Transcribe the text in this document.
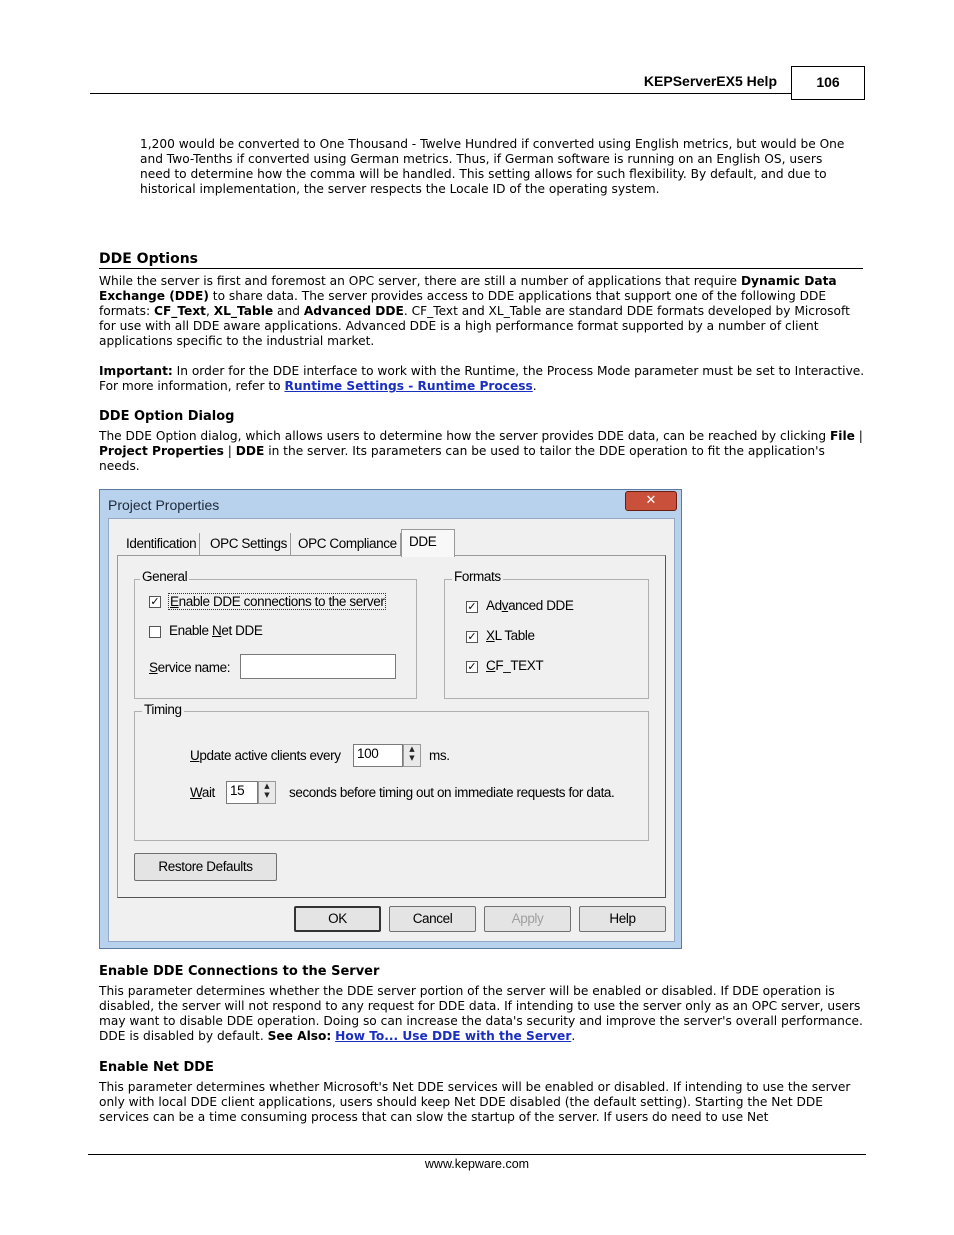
KEPServerEX5 Help	106
1,200 would be converted to One Thousand - Twelve Hundred if converted using English metrics, but would be One and Two-Tenths if converted using German metrics. Thus, if German software is running on an English OS, users need to determine how the comma will be handled. This setting allows for such flexibility. By default, and due to historical implementation, the server respects the Locale ID of the operating system.
DDE Options
While the server is first and foremost an OPC server, there are still a number of applications that require Dynamic Data Exchange (DDE) to share data. The server provides access to DDE applications that support one of the following DDE formats: CF_Text, XL_Table and Advanced DDE. CF_Text and XL_Table are standard DDE formats developed by Microsoft for use with all DDE aware applications. Advanced DDE is a high performance format supported by a number of client applications specific to the industrial market.
Important: In order for the DDE interface to work with the Runtime, the Process Mode parameter must be set to Interactive. For more information, refer to Runtime Settings - Runtime Process.
DDE Option Dialog
The DDE Option dialog, which allows users to determine how the server provides DDE data, can be reached by clicking File | Project Properties | DDE in the server. Its parameters can be used to tailor the DDE operation to fit the application's needs.
Project Properties	✕
Identification OPC Settings OPC Compliance
General
✓ Enable DDE connections to the server
Enable Net DDE
Service name:
Formats
✓ Advanced DDE
✓ XL Table
✓ CF_TEXT
Timing
Update active clients every 100	▲
▼	ms.
Wait 15	▲
▼	seconds before timing out on immediate requests for data.
Restore Defaults
DDE
OK	Cancel	Apply	Help
Enable DDE Connections to the Server
This parameter determines whether the DDE server portion of the server will be enabled or disabled. If DDE operation is disabled, the server will not respond to any request for DDE data. If intending to use the server only as an OPC server, users may want to disable DDE operation. Doing so can increase the data's security and improve the server's overall performance. DDE is disabled by default. See Also: How To... Use DDE with the Server.
Enable Net DDE
This parameter determines whether Microsoft's Net DDE services will be enabled or disabled. If intending to use the server only with local DDE client applications, users should keep Net DDE disabled (the default setting). Starting the Net DDE services can be a time consuming process that can slow the startup of the server. If users do need to use Net
www.kepware.com
